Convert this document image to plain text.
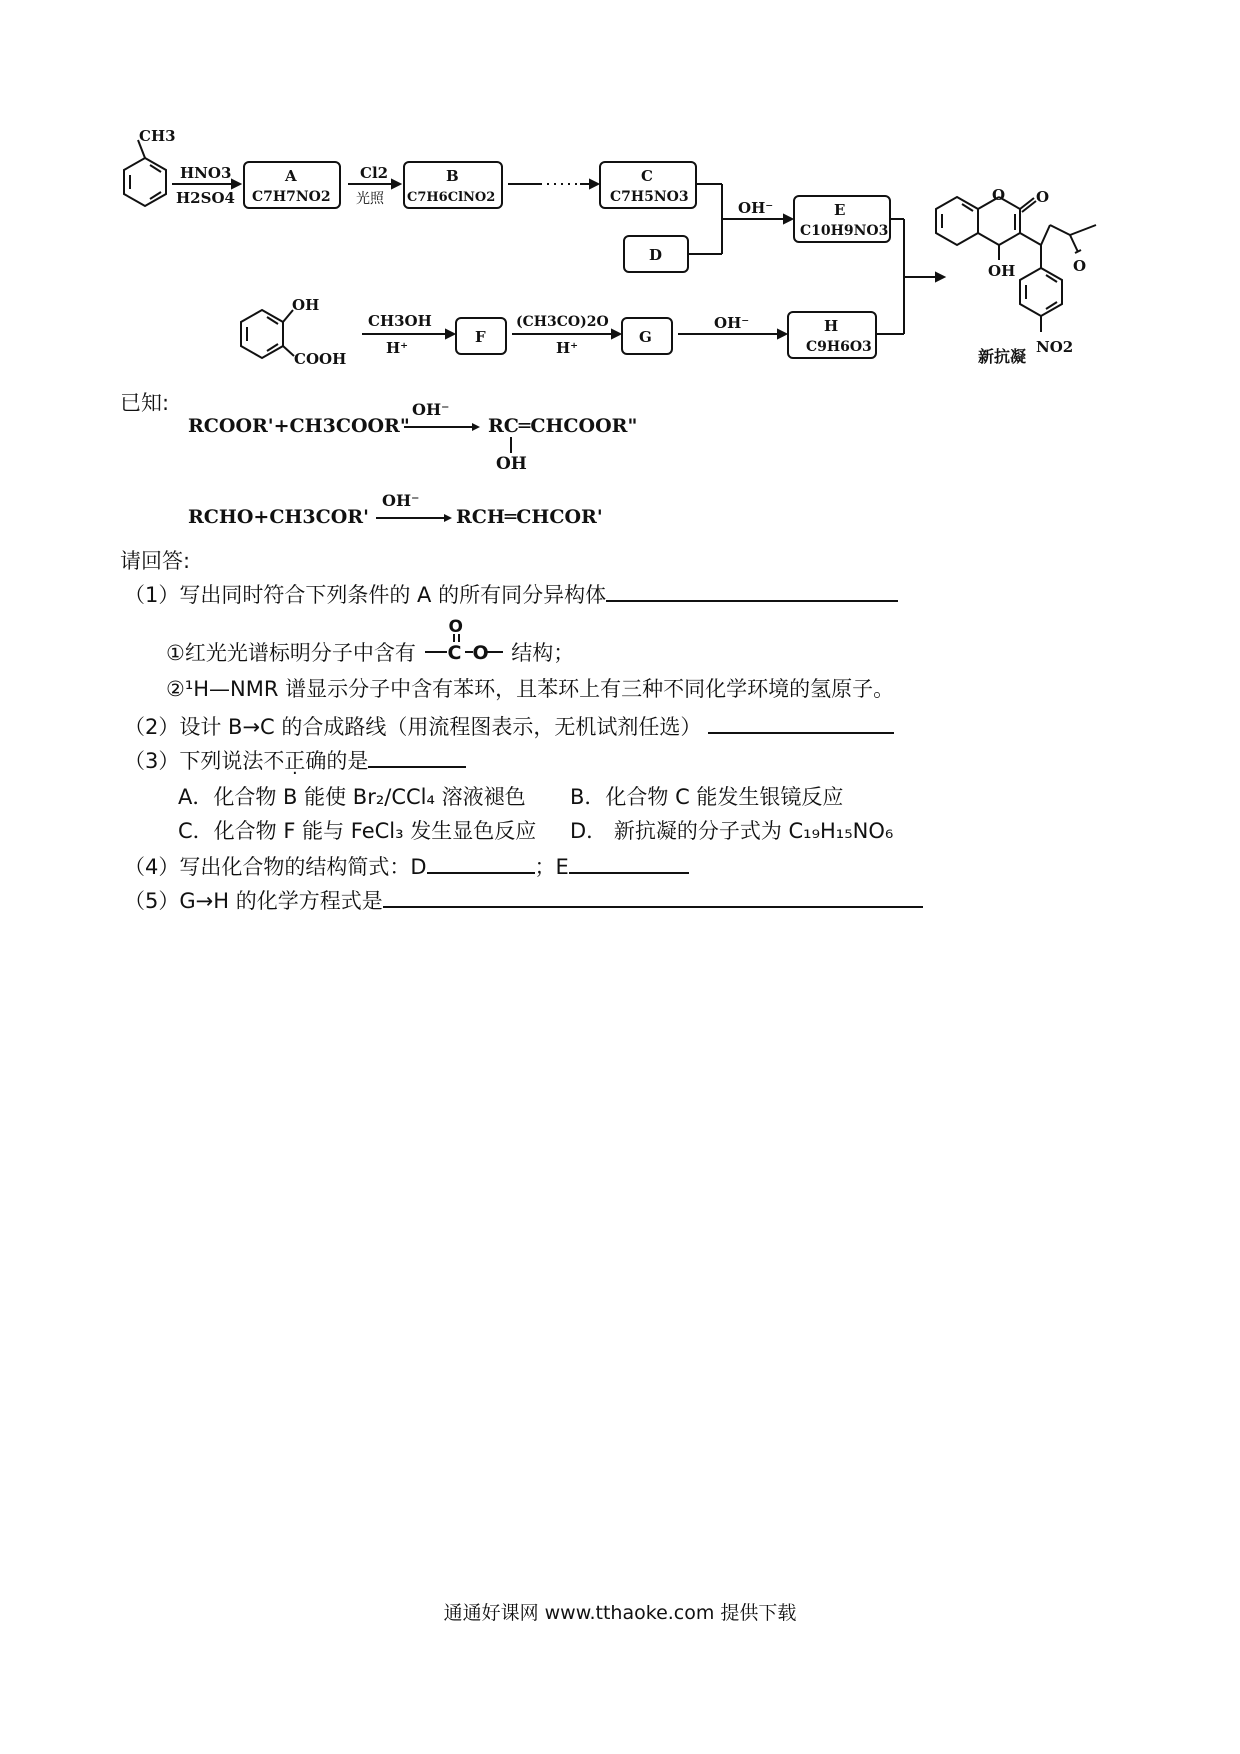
CH3
HNO3
H2SO4
A
C7H7NO2
Cl2
光照
B
C7H6ClNO2
C
C7H5NO3
D
OH⁻	E
C10H9NO3
OH
COOH
CH3OH
H⁺
F
(CH3CO)2O
H⁺
G
OH⁻	H
C9H6O3
O O
OH	O
NO2
新抗凝
已知:
RCOOR'+CH3COOR"
OH⁻
RC═CHCOOR"
OH
RCHO+CH3COR'
OH⁻
RCH═CHCOR'
请回答:
（1）写出同时符合下列条件的 A 的所有同分异构体
①红光光谱标明分子中含有
O
C O 结构；
②¹H—NMR 谱显示分子中含有苯环，且苯环上有三种不同化学环境的氢原子。
（2）设计 B→C 的合成路线（用流程图表示，无机试剂任选）
（3）下列说法不正确的是
A．化合物 B 能使 Br₂/CCl₄ 溶液褪色 B．化合物 C 能发生银镜反应
C．化合物 F 能与 FeCl₃ 发生显色反应 D． 新抗凝的分子式为 C₁₉H₁₅NO₆
（4）写出化合物的结构简式：D	；E
（5）G→H 的化学方程式是
通通好课网 www.tthaoke.com 提供下载
